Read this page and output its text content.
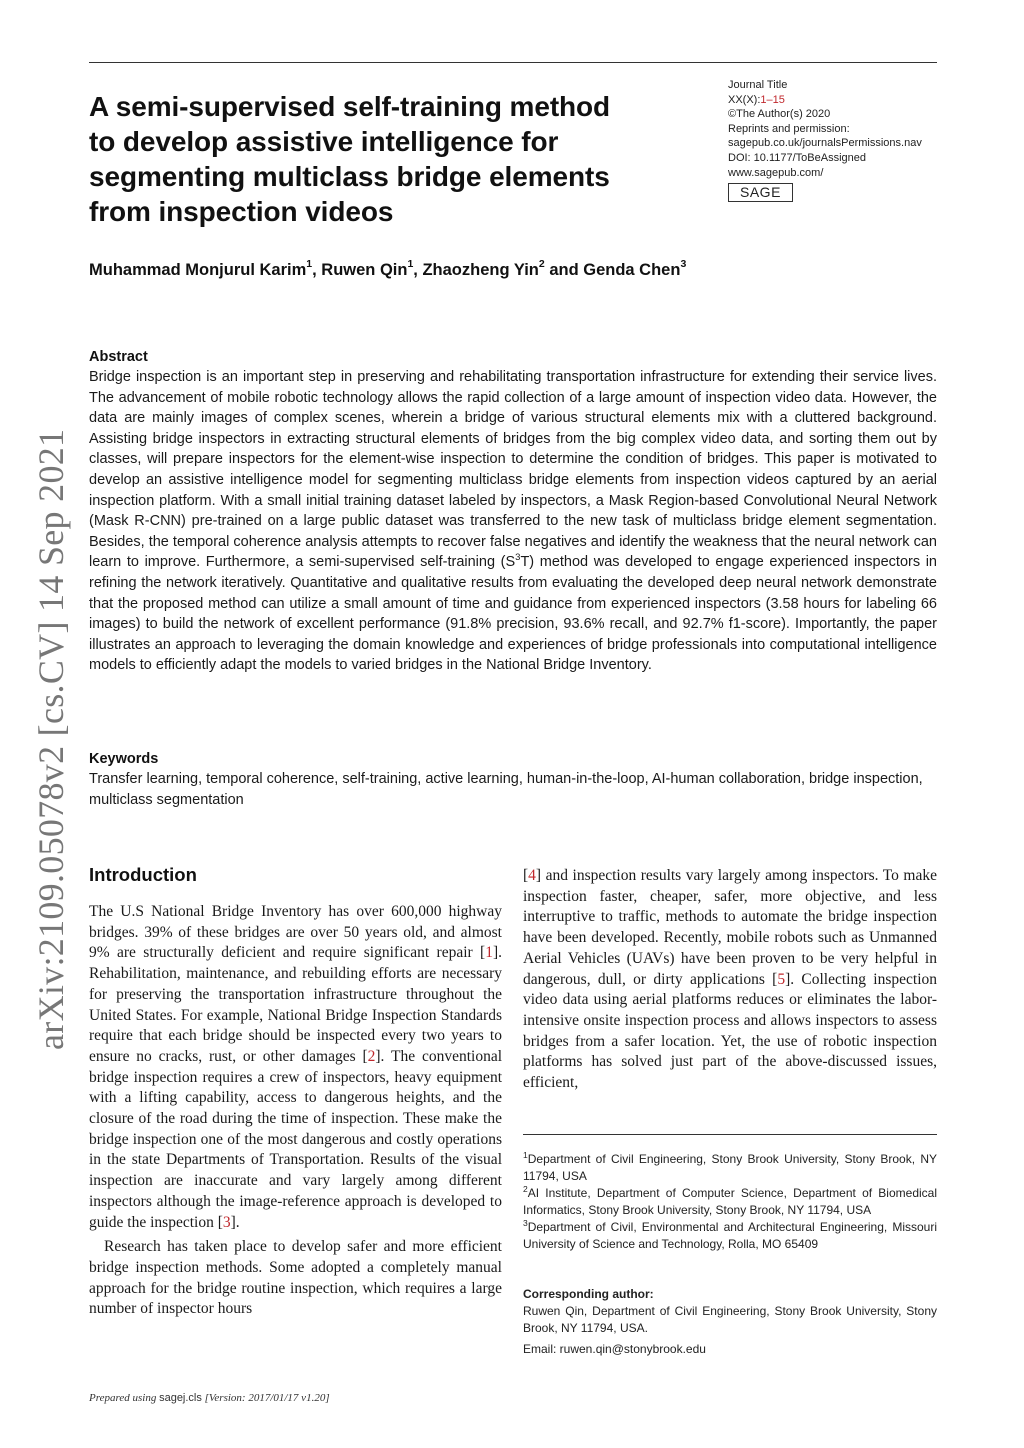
A semi-supervised self-training method
to develop assistive intelligence for
segmenting multiclass bridge elements
from inspection videos
Journal Title
XX(X):1–15
©The Author(s) 2020
Reprints and permission:
sagepub.co.uk/journalsPermissions.nav
DOI: 10.1177/ToBeAssigned
www.sagepub.com/
SAGE
Muhammad Monjurul Karim$^1$, Ruwen Qin$^1$, Zhaozheng Yin$^2$ and Genda Chen$^3$
Abstract

Bridge inspection is an important step in preserving and rehabilitating transportation infrastructure for extending their service lives. The advancement of mobile robotic technology allows the rapid collection of a large amount of inspection video data. However, the data are mainly images of complex scenes, wherein a bridge of various structural elements mix with a cluttered background. Assisting bridge inspectors in extracting structural elements of bridges from the big complex video data, and sorting them out by classes, will prepare inspectors for the element-wise inspection to determine the condition of bridges. This paper is motivated to develop an assistive intelligence model for segmenting multiclass bridge elements from inspection videos captured by an aerial inspection platform. With a small initial training dataset labeled by inspectors, a Mask Region-based Convolutional Neural Network (Mask R-CNN) pre-trained on a large public dataset was transferred to the new task of multiclass bridge element segmentation. Besides, the temporal coherence analysis attempts to recover false negatives and identify the weakness that the neural network can learn to improve. Furthermore, a semi-supervised self-training $(S^3T)$ method was developed to engage experienced inspectors in refining the network iteratively. Quantitative and qualitative results from evaluating the developed deep neural network demonstrate that the proposed method can utilize a small amount of time and guidance from experienced inspectors (3.58 hours for labeling 66 images) to build the network of excellent performance (91.8% precision, 93.6% recall, and 92.7% f1-score). Importantly, the paper illustrates an approach to leveraging the domain knowledge and experiences of bridge professionals into computational intelligence models to efficiently adapt the models to varied bridges in the National Bridge Inventory.

Keywords

Transfer learning, temporal coherence, self-training, active learning, human-in-the-loop, AI-human collaboration, bridge inspection, multiclass segmentation

arXiv:2109.05078v2 [cs.CV] 14 Sep 2021 Introduction

The U.S National Bridge Inventory has over 600,000 highway bridges. 39% of these bridges are over 50 years old, and almost 9% are structurally deficient and require significant repair [1]. Rehabilitation, maintenance, and rebuilding efforts are necessary for preserving the transportation infrastructure throughout the United States. For example, National Bridge Inspection Standards require that each bridge should be inspected every two years to ensure no cracks, rust, or other damages [2]. The conventional bridge inspection requires a crew of inspectors, heavy equipment with a lifting capability, access to dangerous heights, and the closure of the road during the time of inspection. These make the bridge inspection one of the most dangerous and costly operations in the state Departments of Transportation. Results of the visual inspection are inaccurate and vary largely among different inspectors although the image-reference approach is developed to guide the inspection [3].

Research has taken place to develop safer and more efficient bridge inspection methods. Some adopted a completely manual approach for the bridge routine inspection, which requires a large number of inspector hours

[4] and inspection results vary largely among inspectors. To make inspection faster, cheaper, safer, more objective, and less interruptive to traffic, methods to automate the bridge inspection have been developed. Recently, mobile robots such as Unmanned Aerial Vehicles (UAVs) have been proven to be very helpful in dangerous, dull, or dirty applications [5]. Collecting inspection video data using aerial platforms reduces or eliminates the labor-intensive onsite inspection process and allows inspectors to assess bridges from a safer location. Yet, the use of robotic inspection platforms has solved just part of the above-discussed issues, efficient,

$^1$Department of Civil Engineering, Stony Brook University, Stony Brook, NY 11794, USA

$^2$AI Institute, Department of Computer Science, Department of Biomedical Informatics, Stony Brook University, Stony Brook, NY 11794, USA

$^3$Department of Civil, Environmental and Architectural Engineering, Missouri University of Science and Technology, Rolla, MO 65409

Corresponding author:

Ruwen Qin, Department of Civil Engineering, Stony Brook University, Stony Brook, NY 11794, USA.

Email: ruwen.qin@stonybrook.edu
Prepared using sagej.cls [Version: 2017/01/17 v1.20]
